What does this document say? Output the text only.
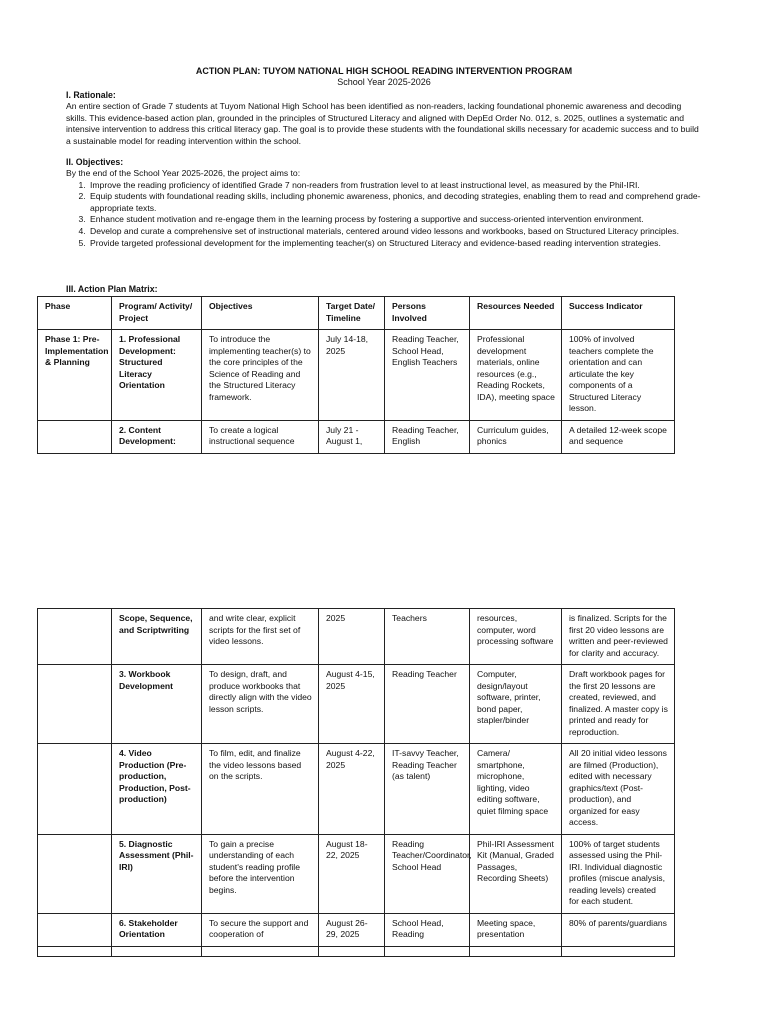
ACTION PLAN: TUYOM NATIONAL HIGH SCHOOL READING INTERVENTION PROGRAM
School Year 2025-2026
I. Rationale:

An entire section of Grade 7 students at Tuyom National High School has been identified as non-readers, lacking foundational phonemic awareness and decoding skills. This evidence-based action plan, grounded in the principles of Structured Literacy and aligned with DepEd Order No. 012, s. 2025, outlines a systematic and intensive intervention to address this critical literacy gap. The goal is to provide these students with the foundational skills necessary for academic success and to build a sustainable model for reading intervention within the school.

II. Objectives:

By the end of the School Year 2025-2026, the project aims to:

1. Improve the reading proficiency of identified Grade 7 non-readers from frustration level to at least instructional level, as measured by the Phil-IRI.
2. Equip students with foundational reading skills, including phonemic awareness, phonics, and decoding strategies, enabling them to read and comprehend grade-appropriate texts.
3. Enhance student motivation and re-engage them in the learning process by fostering a supportive and success-oriented intervention environment.
4. Develop and curate a comprehensive set of instructional materials, centered around video lessons and workbooks, based on Structured Literacy principles.
5. Provide targeted professional development for the implementing teacher(s) on Structured Literacy and evidence-based reading intervention strategies.
III. Action Plan Matrix:
Phase	Program/ Activity/ Project	Objectives	Target Date/ Timeline	Persons Involved	Resources Needed	Success Indicator
Phase 1: Pre-Implementation & Planning	1. Professional Development: Structured Literacy Orientation	To introduce the implementing teacher(s) to the core principles of the Science of Reading and the Structured Literacy framework.	July 14-18, 2025	Reading Teacher, School Head, English Teachers	Professional development materials, online resources (e.g., Reading Rockets, IDA), meeting space	100% of involved teachers complete the orientation and can articulate the key components of a Structured Literacy lesson.
	2. Content Development:	To create a logical instructional sequence	July 21 - August 1,	Reading Teacher, English	Curriculum guides, phonics	A detailed 12-week scope and sequence
	Scope, Sequence, and Scriptwriting	and write clear, explicit scripts for the first set of video lessons.	2025	Teachers	resources, computer, word processing software	is finalized. Scripts for the first 20 video lessons are written and peer-reviewed for clarity and accuracy.
	3. Workbook Development	To design, draft, and produce workbooks that directly align with the video lesson scripts.	August 4-15, 2025	Reading Teacher	Computer, design/layout software, printer, bond paper, stapler/binder	Draft workbook pages for the first 20 lessons are created, reviewed, and finalized. A master copy is printed and ready for reproduction.
	4. Video Production (Pre-production, Production, Post-production)	To film, edit, and finalize the video lessons based on the scripts.	August 4-22, 2025	IT-savvy Teacher, Reading Teacher (as talent)	Camera/ smartphone, microphone, lighting, video editing software, quiet filming space	All 20 initial video lessons are filmed (Production), edited with necessary graphics/text (Post-production), and organized for easy access.
	5. Diagnostic Assessment (Phil-IRI)	To gain a precise understanding of each student's reading profile before the intervention begins.	August 18-22, 2025	Reading Teacher/Coordinator, School Head	Phil-IRI Assessment Kit (Manual, Graded Passages, Recording Sheets)	100% of target students assessed using the Phil-IRI. Individual diagnostic profiles (miscue analysis, reading levels) created for each student.
	6. Stakeholder Orientation	To secure the support and cooperation of	August 26-29, 2025	School Head, Reading	Meeting space, presentation	80% of parents/guardians
